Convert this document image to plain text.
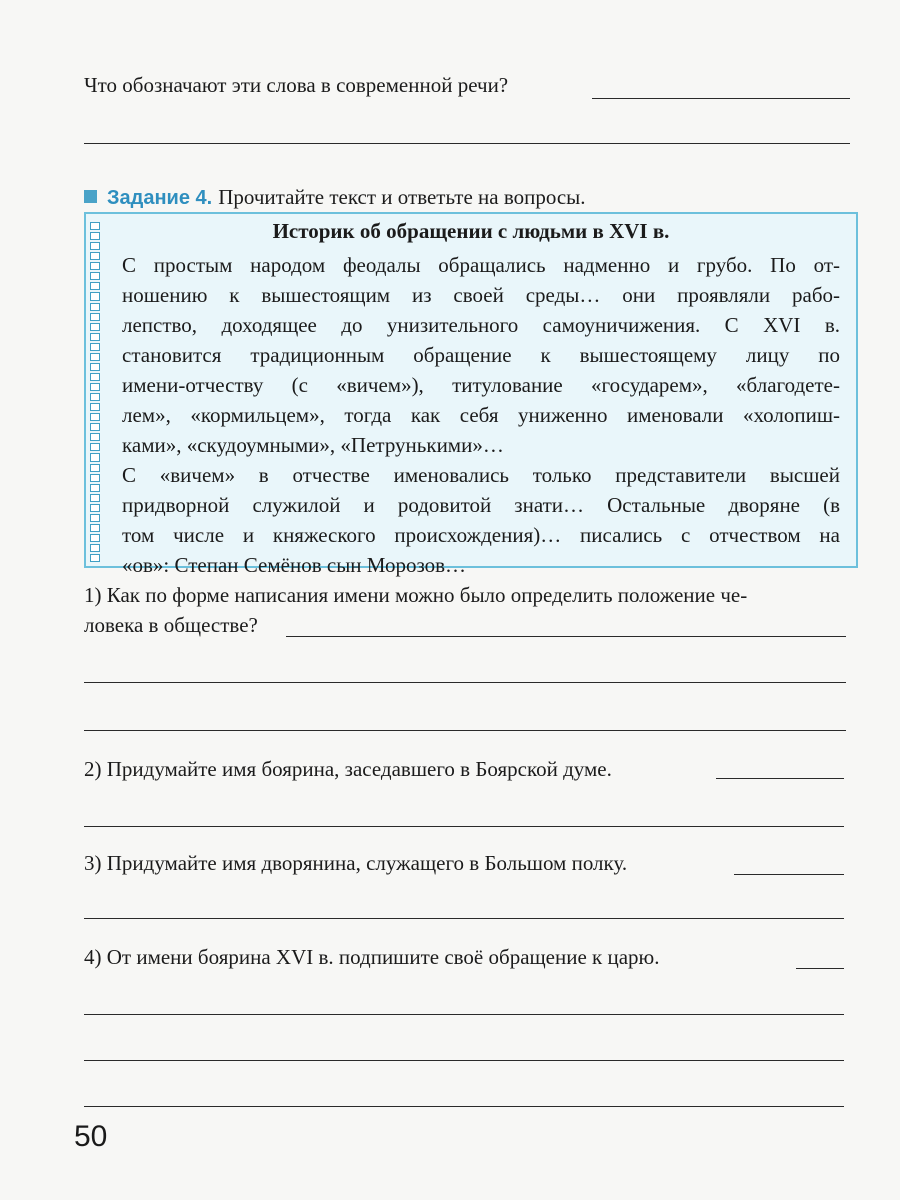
Что обозначают эти слова в современной речи?
Задание 4. Прочитайте текст и ответьте на вопросы.
Историк об обращении с людьми в XVI в.
С простым народом феодалы обращались надменно и грубо. По от-
ношению к вышестоящим из своей среды… они проявляли рабо-
лепство, доходящее до унизительного самоуничижения. С XVI в.
становится традиционным обращение к вышестоящему лицу по
имени-отчеству (с «вичем»), титулование «государем», «благодете-
лем», «кормильцем», тогда как себя униженно именовали «холопиш-
ками», «скудоумными», «Петрунькими»…
С «вичем» в отчестве именовались только представители высшей
придворной служилой и родовитой знати… Остальные дворяне (в
том числе и княжеского происхождения)… писались с отчеством на
«ов»: Степан Семёнов сын Морозов…
1) Как по форме написания имени можно было определить положение че-
ловека в обществе?
2) Придумайте имя боярина, заседавшего в Боярской думе.
3) Придумайте имя дворянина, служащего в Большом полку.
4) От имени боярина XVI в. подпишите своё обращение к царю.
50
